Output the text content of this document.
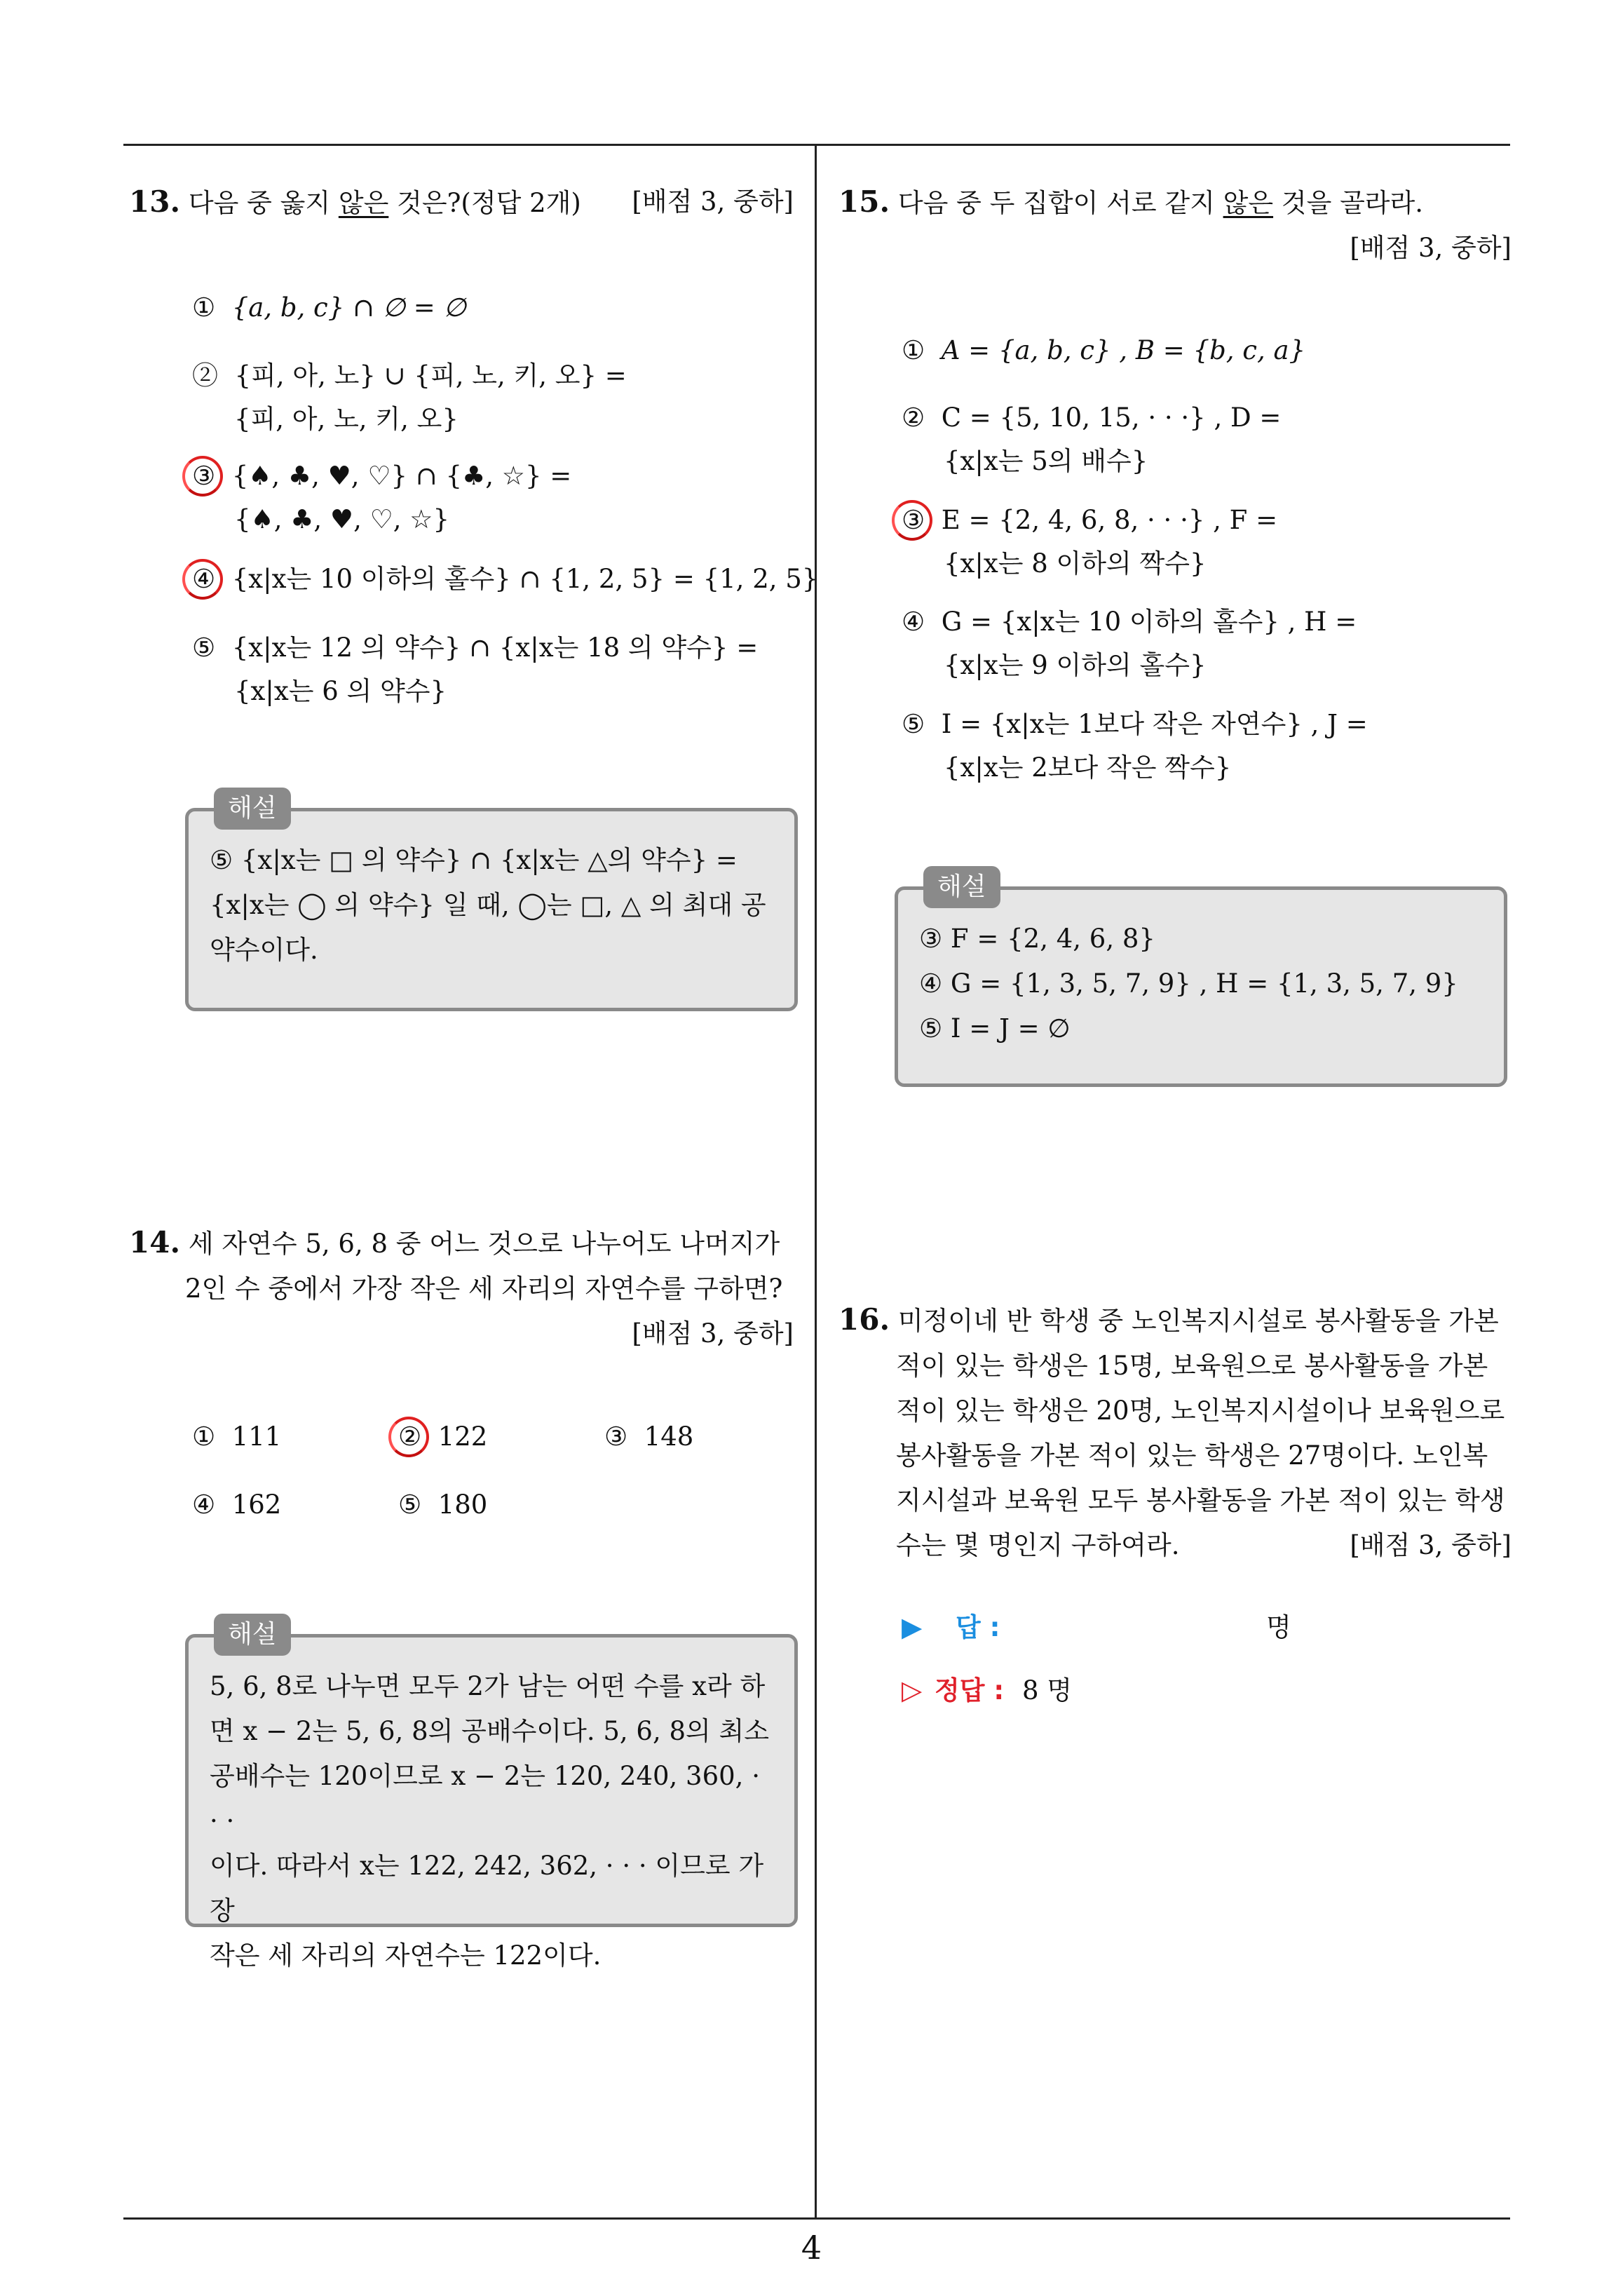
4
13. 다음 중 옳지 않은 것은?(정답 2개) [배점 3, 중하]
① {a, b, c} ∩ ∅ = ∅
② {피, 아, 노} ∪ {피, 노, 키, 오} =
{피, 아, 노, 키, 오}
③ {♠, ♣, ♥, ♡} ∩ {♣, ☆} =
{♠, ♣, ♥, ♡, ☆}
④ {x|x는 10 이하의 홀수} ∩ {1, 2, 5} = {1, 2, 5}
⑤ {x|x는 12 의 약수} ∩ {x|x는 18 의 약수} =
{x|x는 6 의 약수}
해설
⑤ {x|x는 □ 의 약수} ∩ {x|x는 △의 약수} =
{x|x는 ◯ 의 약수} 일 때, ◯는 □, △ 의 최대 공
약수이다.
14. 세 자연수 5, 6, 8 중 어느 것으로 나누어도 나머지가
2인 수 중에서 가장 작은 세 자리의 자연수를 구하면?
[배점 3, 중하]
① 111	② 122	③ 148
④ 162	⑤ 180
해설
5, 6, 8로 나누면 모두 2가 남는 어떤 수를 x라 하
면 x − 2는 5, 6, 8의 공배수이다. 5, 6, 8의 최소
공배수는 120이므로 x − 2는 120, 240, 360, · · ·
이다. 따라서 x는 122, 242, 362, · · · 이므로 가장
작은 세 자리의 자연수는 122이다.
15. 다음 중 두 집합이 서로 같지 않은 것을 골라라.
[배점 3, 중하]
① A = {a, b, c} , B = {b, c, a}
② C = {5, 10, 15, · · ·} , D =
{x|x는 5의 배수}
③ E = {2, 4, 6, 8, · · ·} , F =
{x|x는 8 이하의 짝수}
④ G = {x|x는 10 이하의 홀수} , H =
{x|x는 9 이하의 홀수}
⑤ I = {x|x는 1보다 작은 자연수} , J =
{x|x는 2보다 작은 짝수}
해설
③ F = {2, 4, 6, 8}
④ G = {1, 3, 5, 7, 9} , H = {1, 3, 5, 7, 9}
⑤ I = J = ∅
16. 미정이네 반 학생 중 노인복지시설로 봉사활동을 가본
적이 있는 학생은 15명, 보육원으로 봉사활동을 가본
적이 있는 학생은 20명, 노인복지시설이나 보육원으로
봉사활동을 가본 적이 있는 학생은 27명이다. 노인복
지시설과 보육원 모두 봉사활동을 가본 적이 있는 학생
수는 몇 명인지 구하여라.	[배점 3, 중하]
▶ 답 :	명
▷ 정답 : 8 명
